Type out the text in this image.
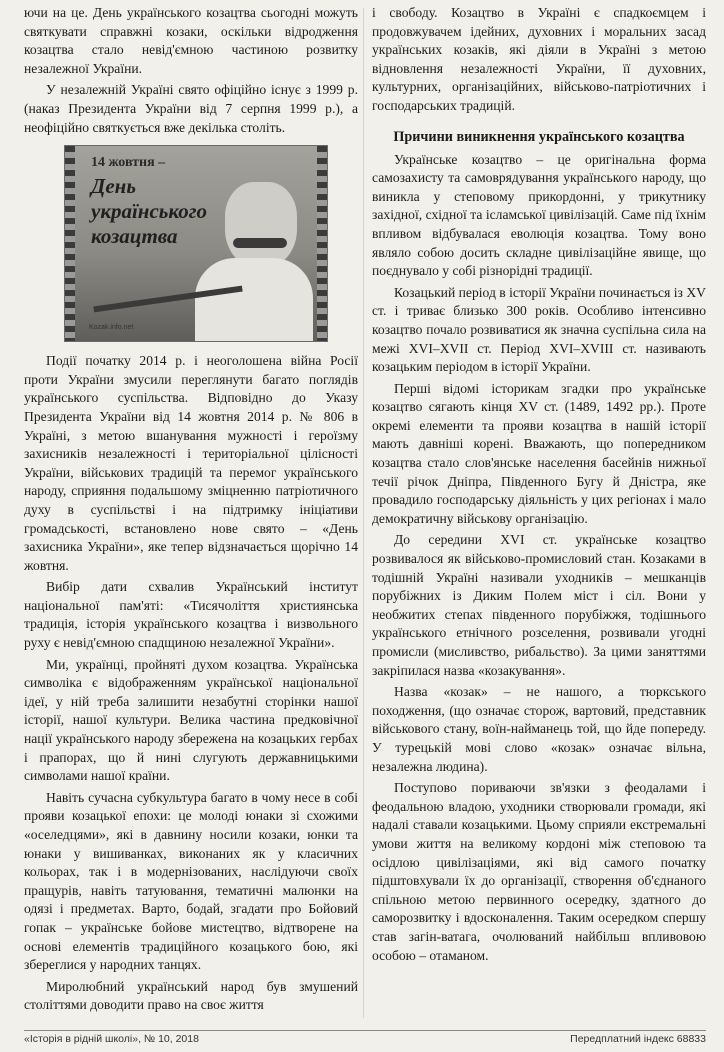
ючи на це. День українського козацтва сьогодні можуть святкувати справжні козаки, оскільки відродження козацтва стало невід'ємною частиною розвитку незалежної України.

У незалежній Україні свято офіційно існує з 1999 р. (наказ Президента України від 7 серпня 1999 р.), а неофіційно святкується вже декілька століть.

14 жовтня –
День українського козацтва
Kozak.info.net

Події початку 2014 р. і неоголошена війна Росії проти України змусили переглянути багато поглядів українського суспільства. Відповідно до Указу Президента України від 14 жовтня 2014 р. № 806 в Україні, з метою вшанування мужності і героїзму захисників незалежності і територіальної цілісності України, військових традицій та перемог українського народу, сприяння подальшому зміцненню патріотичного духу в суспільстві і на підтримку ініціативи громадськості, встановлено нове свято – «День захисника України», яке тепер відзначається щорічно 14 жовтня.

Вибір дати схвалив Український інститут національної пам'яті: «Тисячоліття християнська традиція, історія українського козацтва і визвольного руху є невід'ємною спадщиною незалежної України».

Ми, українці, пройняті духом козацтва. Українська символіка є відображенням української національної ідеї, у ній треба залишити незабутні сторінки нашої історії, нашої культури. Велика частина предковічної нації українського народу збережена на козацьких гербах і прапорах, що й нині слугують державницькими символами нашої країни.

Навіть сучасна субкультура багато в чому несе в собі прояви козацької епохи: це молоді юнаки зі схожими «оселедцями», які в давнину носили козаки, юнки та юнаки у вишиванках, виконаних як у класичних кольорах, так і в модернізованих, наслідуючи своїх пращурів, навіть татуювання, тематичні малюнки на одязі і предметах. Варто, бодай, згадати про Бойовий гопак – українське бойове мистецтво, відтворене на основі елементів традиційного козацького бою, які збереглися у народних танцях.

Миролюбний український народ був змушений століттями доводити право на своє життя

і свободу. Козацтво в Україні є спадкоємцем і продовжувачем ідейних, духовних і моральних засад українських козаків, які діяли в Україні з метою відновлення незалежності України, її духовних, культурних, організаційних, військово-патріотичних і господарських традицій.

Причини виникнення українського козацтва

Українське козацтво – це оригінальна форма самозахисту та самоврядування українського народу, що виникла у степовому прикордонні, у трикутнику західної, східної та ісламської цивілізацій. Саме під їхнім впливом відбувалася еволюція козацтва. Тому воно являло собою досить складне цивілізаційне явище, що поєднувало у собі різнорідні традиції.

Козацький період в історії України починається із XV ст. і триває близько 300 років. Особливо інтенсивно козацтво почало розвиватися як значна суспільна сила на межі XVI–XVII ст. Період XVI–XVIII ст. називають козацьким періодом в історії України.

Перші відомі історикам згадки про українське козацтво сягають кінця XV ст. (1489, 1492 рр.). Проте окремі елементи та прояви козацтва в нашій історії мають давніші корені. Вважають, що попередником козацтва стало слов'янське населення басейнів нижньої течії річок Дніпра, Південного Бугу й Дністра, яке провадило господарську діяльність у цих регіонах і мало демократичну військову організацію.

До середини XVI ст. українське козацтво розвивалося як військово-промисловий стан. Козаками в тодішній Україні називали уходників – мешканців порубіжних із Диким Полем міст і сіл. Вони у необжитих степах південного порубіжжя, тодішнього українського етнічного розселення, розвивали угодні промисли (мисливство, рибальство). За цими заняттями закріпилася назва «козакування».

Назва «козак» – не нашого, а тюркського походження, (що означає сторож, вартовий, представник військового стану, воїн-найманець той, що йде попереду. У турецькій мові слово «козак» означає вільна, незалежна людина).

Поступово пориваючи зв'язки з феодалами і феодальною владою, уходники створювали громади, які надалі ставали козацькими. Цьому сприяли екстремальні умови життя на великому кордоні між степовою та осідлою цивілізаціями, які від самого початку підштовхували їх до організації, створення об'єднаного спільною метою первинного осередку, здатного до саморозвитку і вдосконалення. Таким осередком спершу став загін-ватага, очолюваний найбільш впливовою особою – отаманом.

«Історія в рідній школі», № 10, 2018	Передплатний індекс 68833
